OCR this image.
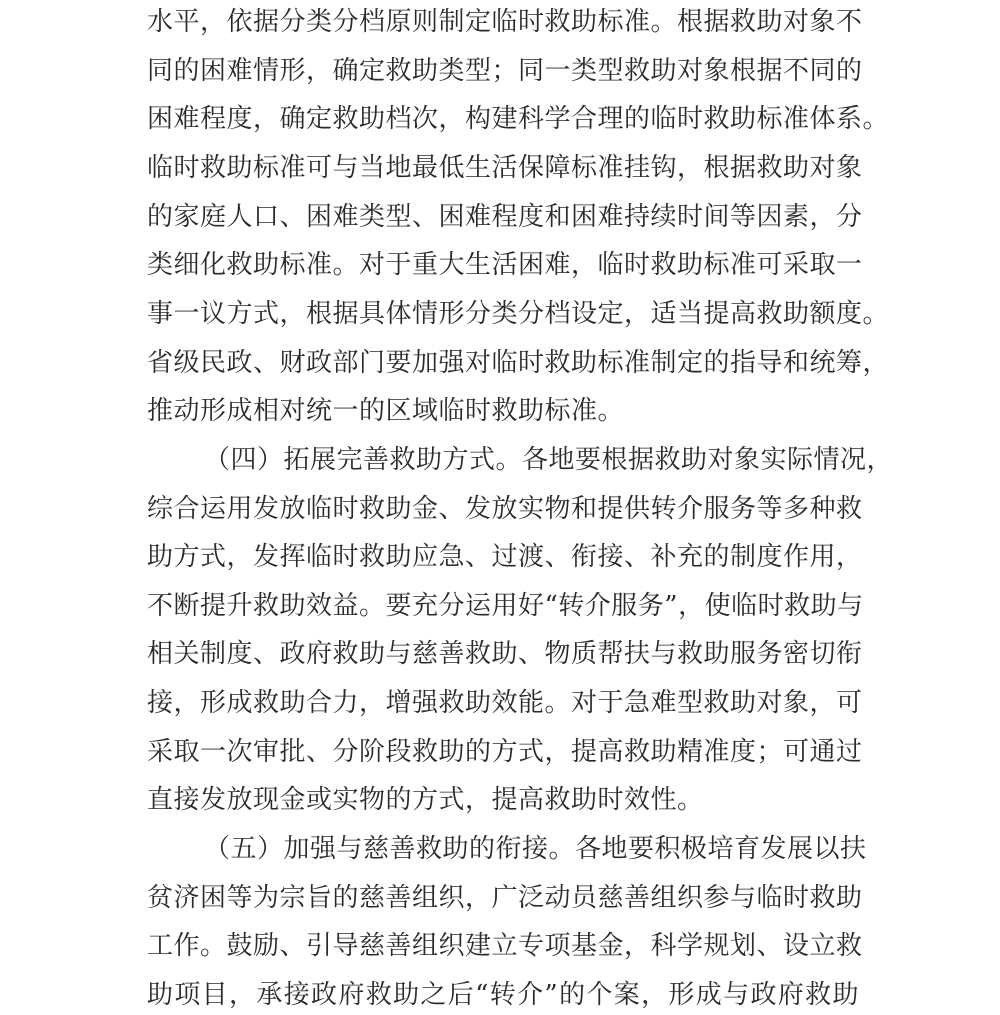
水平，依据分类分档原则制定临时救助标准。根据救助对象不
同的困难情形，确定救助类型；同一类型救助对象根据不同的
困难程度，确定救助档次，构建科学合理的临时救助标准体系。
临时救助标准可与当地最低生活保障标准挂钩，根据救助对象
的家庭人口、困难类型、困难程度和困难持续时间等因素，分
类细化救助标准。对于重大生活困难，临时救助标准可采取一
事一议方式，根据具体情形分类分档设定，适当提高救助额度。
省级民政、财政部门要加强对临时救助标准制定的指导和统筹，
推动形成相对统一的区域临时救助标准。
（四）拓展完善救助方式。各地要根据救助对象实际情况，
综合运用发放临时救助金、发放实物和提供转介服务等多种救
助方式，发挥临时救助应急、过渡、衔接、补充的制度作用，
不断提升救助效益。要充分运用好“转介服务”，使临时救助与
相关制度、政府救助与慈善救助、物质帮扶与救助服务密切衔
接，形成救助合力，增强救助效能。对于急难型救助对象，可
采取一次审批、分阶段救助的方式，提高救助精准度；可通过
直接发放现金或实物的方式，提高救助时效性。
（五）加强与慈善救助的衔接。各地要积极培育发展以扶
贫济困等为宗旨的慈善组织，广泛动员慈善组织参与临时救助
工作。鼓励、引导慈善组织建立专项基金，科学规划、设立救
助项目，承接政府救助之后“转介”的个案，形成与政府救助
